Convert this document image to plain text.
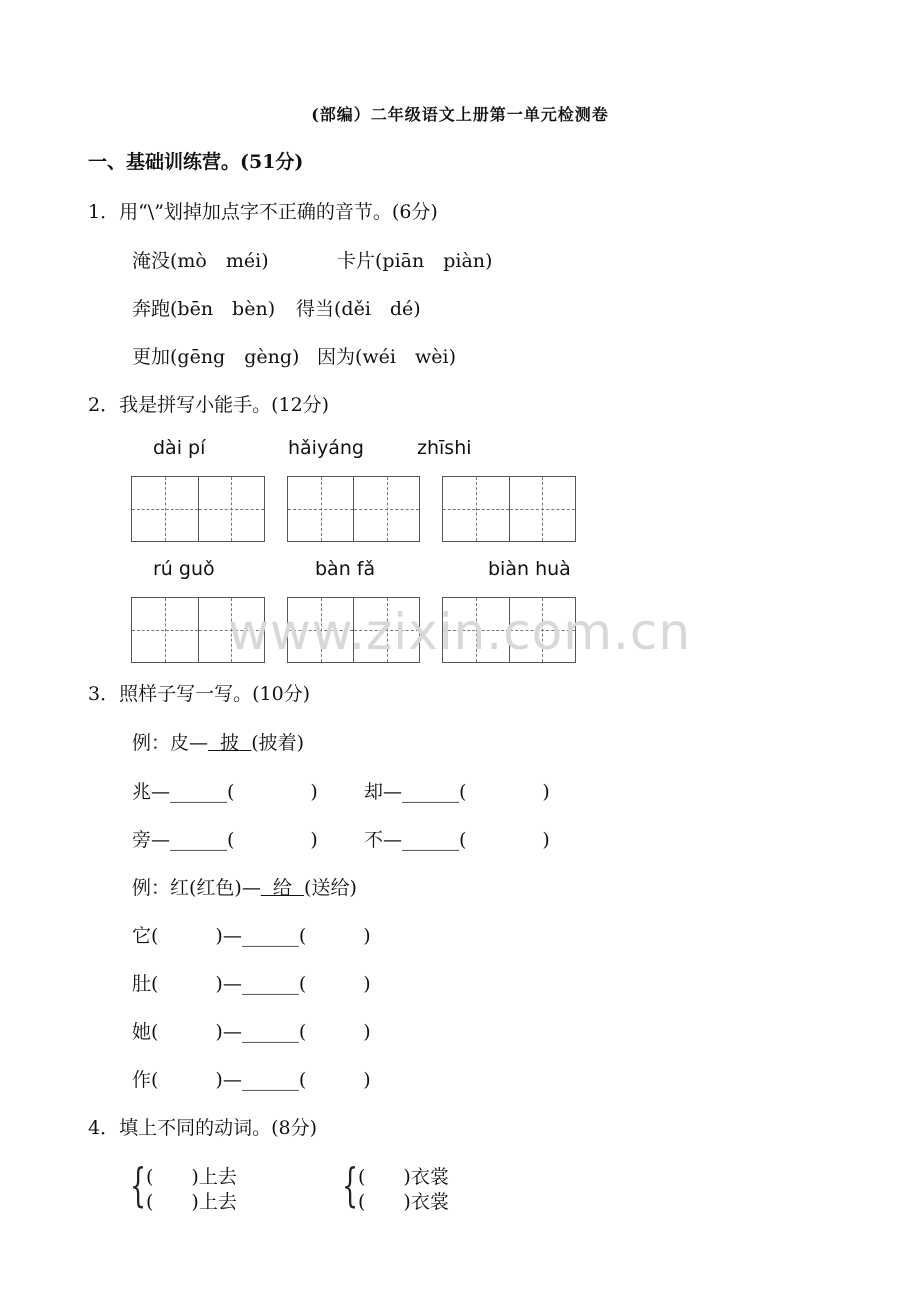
(部编）二年级语文上册第一单元检测卷
一、基础训练营。(51分)
1．用“\”划掉加点字不正确的音节。(6分)
淹没(mò　méi)	卡片(piān　piàn)
奔跑(bēn　bèn) 得当(děi　dé)
更加(gēng　gèng) 因为(wéi　wèi)
2．我是拼写小能手。(12分)
dài pí	hǎiyáng	zhīshi
rú guǒ	bàn fǎ	biàn huà
www.zixin.com.cn
3．照样子写一写。(10分)
例：皮— 披 (披着)
兆—______(　　　　) 却—______(　　　　)
旁—______(　　　　) 不—______(　　　　)
例：红(红色)— 给 (送给)
它(　　　)—______(　　　)
肚(　　　)—______(　　　)
她(　　　)—______(　　　)
作(　　　)—______(　　　)
4．填上不同的动词。(8分)
{ (　　)上去
(　　)上去 { (　　)衣裳
(　　)衣裳
